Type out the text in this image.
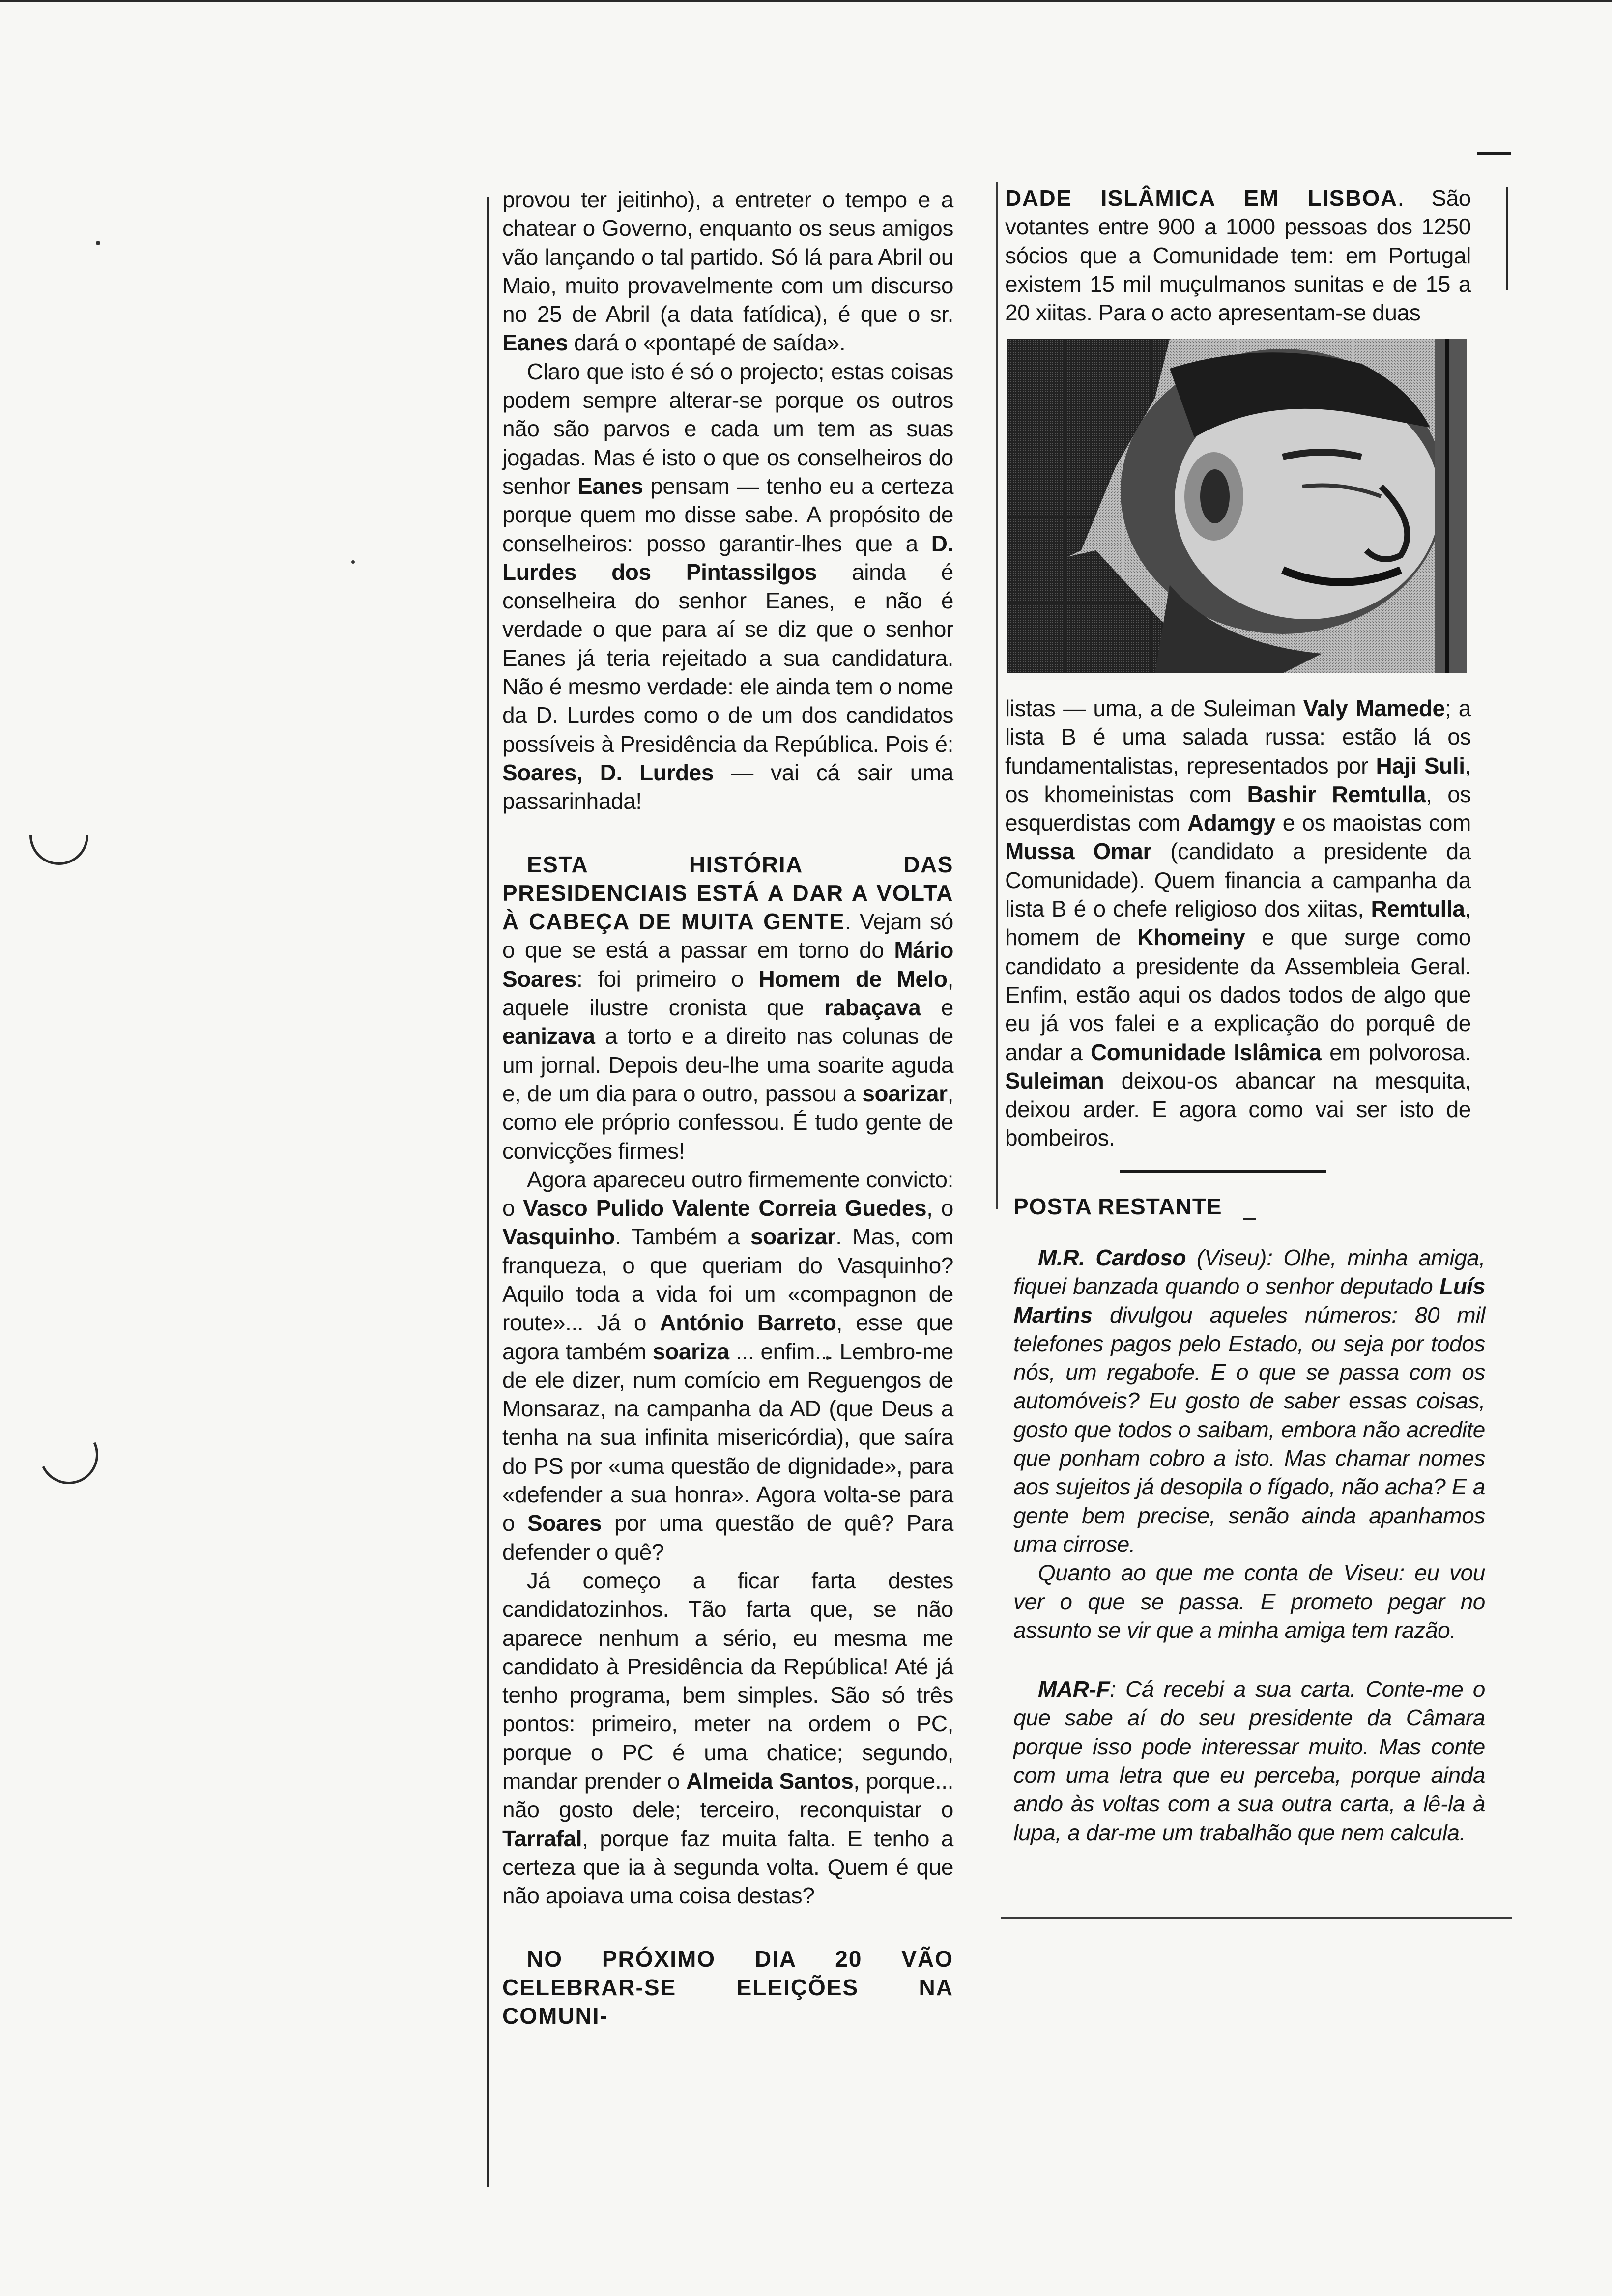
provou ter jeitinho), a entreter o tempo e a chatear o Governo, enquanto os seus amigos vão lançando o tal partido. Só lá para Abril ou Maio, muito provavelmente com um discurso no 25 de Abril (a data fatídica), é que o sr. Eanes dará o «pontapé de saída».

Claro que isto é só o projecto; estas coisas podem sempre alterar-se porque os outros não são parvos e cada um tem as suas jogadas. Mas é isto o que os conselheiros do senhor Eanes pensam — tenho eu a certeza porque quem mo disse sabe. A propósito de conselheiros: posso garantir-lhes que a D. Lurdes dos Pintassilgos ainda é conselheira do senhor Eanes, e não é verdade o que para aí se diz que o senhor Eanes já teria rejeitado a sua candidatura. Não é mesmo verdade: ele ainda tem o nome da D. Lurdes como o de um dos candidatos possíveis à Presidência da República. Pois é: Soares, D. Lurdes — vai cá sair uma passarinhada!

ESTA HISTÓRIA DAS PRESIDENCIAIS ESTÁ A DAR A VOLTA À CABEÇA DE MUITA GENTE. Vejam só o que se está a passar em torno do Mário Soares: foi primeiro o Homem de Melo, aquele ilustre cronista que rabaçava e eanizava a torto e a direito nas colunas de um jornal. Depois deu-lhe uma soarite aguda e, de um dia para o outro, passou a soarizar, como ele próprio confessou. É tudo gente de convicções firmes!

Agora apareceu outro firmemente convicto: o Vasco Pulido Valente Correia Guedes, o Vasquinho. Também a soarizar. Mas, com franqueza, o que queriam do Vasquinho? Aquilo toda a vida foi um «compagnon de route»... Já o António Barreto, esse que agora também soariza ... enfim... Lembro-me de ele dizer, num comício em Reguengos de Monsaraz, na campanha da AD (que Deus a tenha na sua infinita misericórdia), que saíra do PS por «uma questão de dignidade», para «defender a sua honra». Agora volta-se para o Soares por uma questão de quê? Para defender o quê?

Já começo a ficar farta destes candidatozinhos. Tão farta que, se não aparece nenhum a sério, eu mesma me candidato à Presidência da República! Até já tenho programa, bem simples. São só três pontos: primeiro, meter na ordem o PC, porque o PC é uma chatice; segundo, mandar prender o Almeida Santos, porque... não gosto dele; terceiro, reconquistar o Tarrafal, porque faz muita falta. E tenho a certeza que ia à segunda volta. Quem é que não apoiava uma coisa destas?

NO PRÓXIMO DIA 20 VÃO CELEBRAR-SE ELEIÇÕES NA COMUNI-

DADE ISLÂMICA EM LISBOA. São votantes entre 900 a 1000 pessoas dos 1250 sócios que a Comunidade tem: em Portugal existem 15 mil muçulmanos sunitas e de 15 a 20 xiitas. Para o acto apresentam-se duas

listas — uma, a de Suleiman Valy Mamede; a lista B é uma salada russa: estão lá os fundamentalistas, representados por Haji Suli, os khomeinistas com Bashir Remtulla, os esquerdistas com Adamgy e os maoistas com Mussa Omar (candidato a presidente da Comunidade). Quem financia a campanha da lista B é o chefe religioso dos xiitas, Remtulla, homem de Khomeiny e que surge como candidato a presidente da Assembleia Geral. Enfim, estão aqui os dados todos de algo que eu já vos falei e a explicação do porquê de andar a Comunidade Islâmica em polvorosa. Suleiman deixou-os abancar na mesquita, deixou arder. E agora como vai ser isto de bombeiros.

POSTA RESTANTE

M.R. Cardoso (Viseu): Olhe, minha amiga, fiquei banzada quando o senhor deputado Luís Martins divulgou aqueles números: 80 mil telefones pagos pelo Estado, ou seja por todos nós, um regabofe. E o que se passa com os automóveis? Eu gosto de saber essas coisas, gosto que todos o saibam, embora não acredite que ponham cobro a isto. Mas chamar nomes aos sujeitos já desopila o fígado, não acha? E a gente bem precise, senão ainda apanhamos uma cirrose.

Quanto ao que me conta de Viseu: eu vou ver o que se passa. E prometo pegar no assunto se vir que a minha amiga tem razão.

MAR-F: Cá recebi a sua carta. Conte-me o que sabe aí do seu presidente da Câmara porque isso pode interessar muito. Mas conte com uma letra que eu perceba, porque ainda ando às voltas com a sua outra carta, a lê-la à lupa, a dar-me um trabalhão que nem calcula.
